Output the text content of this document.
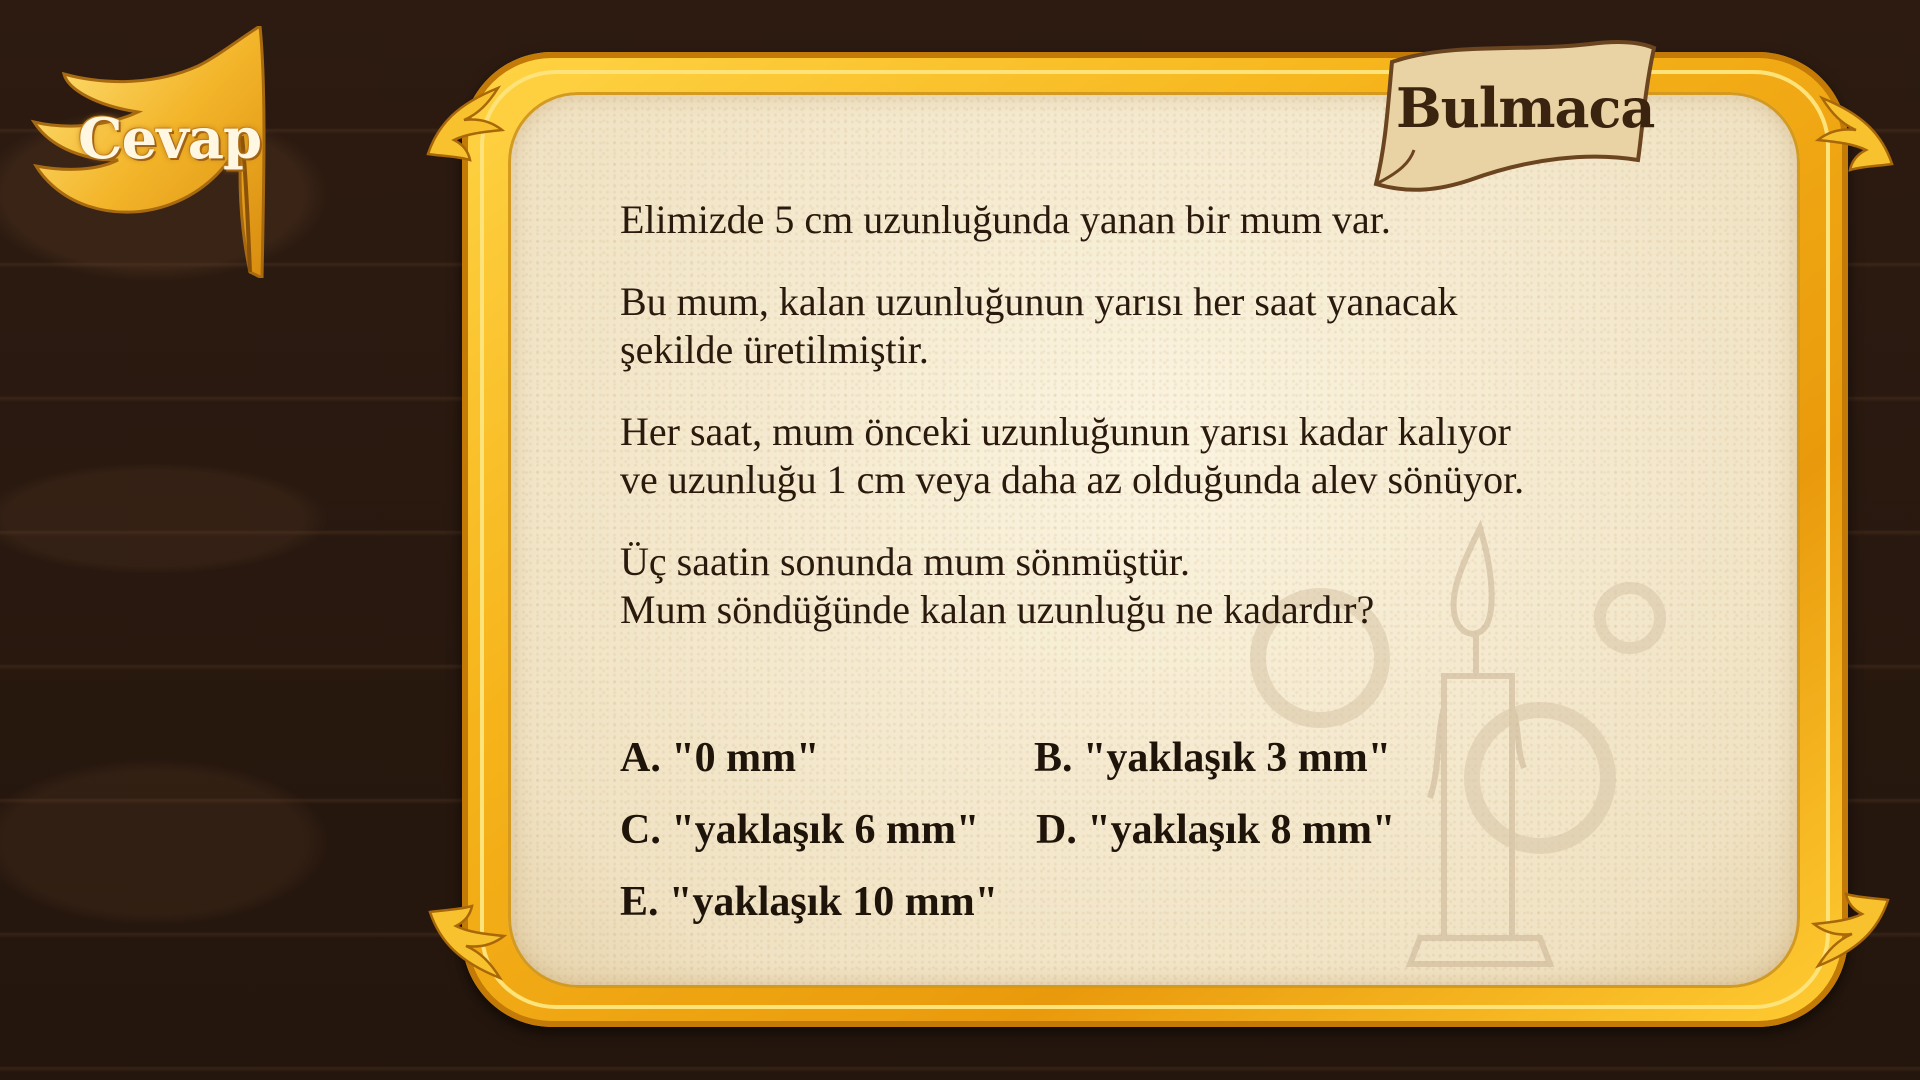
Cevap	Bulmaca

Elimizde 5 cm uzunluğunda yanan bir mum var.

Bu mum, kalan uzunluğunun yarısı her saat yanacak
şekilde üretilmiştir.

Her saat, mum önceki uzunluğunun yarısı kadar kalıyor
ve uzunluğu 1 cm veya daha az olduğunda alev sönüyor.

Üç saatin sonunda mum sönmüştür.
Mum söndüğünde kalan uzunluğu ne kadardır?

A. "0 mm"	B. "yaklaşık 3 mm"
C. "yaklaşık 6 mm" D. "yaklaşık 8 mm"
E. "yaklaşık 10 mm"
